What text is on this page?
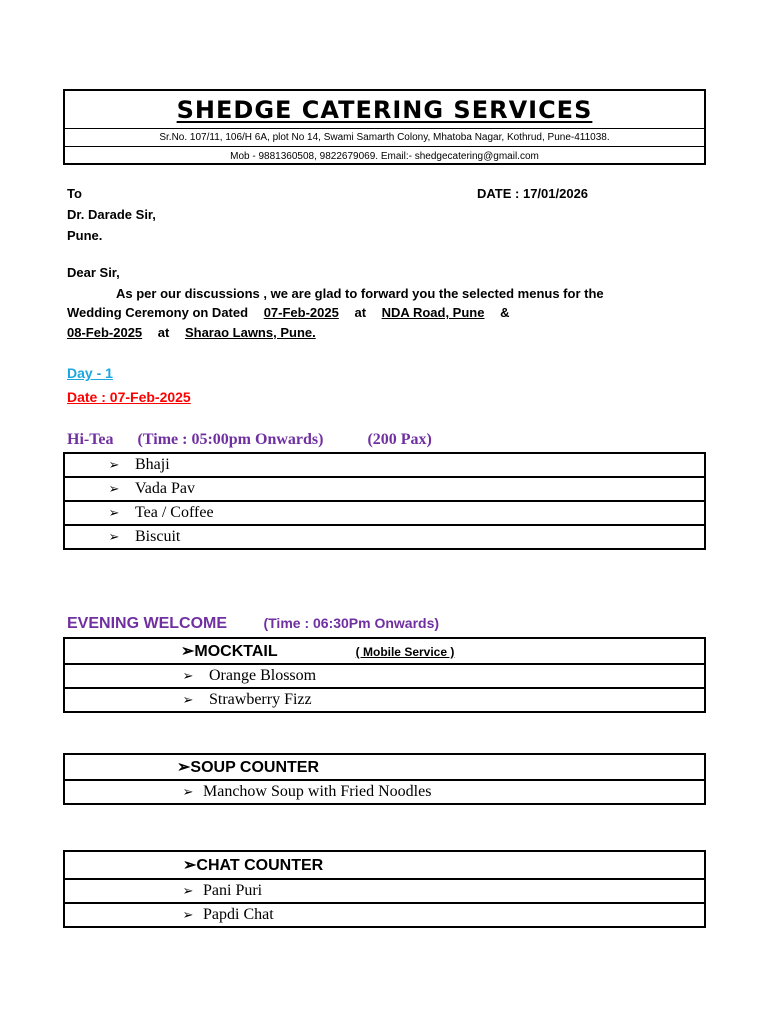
SHEDGE CATERING SERVICES
Sr.No. 107/11, 106/H 6A, plot No 14, Swami Samarth Colony, Mhatoba Nagar, Kothrud, Pune-411038.
Mob - 9881360508, 9822679069. Email:- shedgecatering@gmail.com
To	DATE : 17/01/2026
Dr. Darade Sir,
Pune.
Dear Sir,
As per our discussions , we are glad to forward you the selected menus for the
Wedding Ceremony on Dated 07-Feb-2025 at NDA Road, Pune &
08-Feb-2025 at Sharao Lawns, Pune.
Day - 1
Date : 07-Feb-2025
Hi-Tea (Time : 05:00pm Onwards)	(200 Pax)
➢ Bhaji
➢ Vada Pav
➢ Tea / Coffee
➢ Biscuit
EVENING WELCOME	(Time : 06:30Pm Onwards)
➢MOCKTAIL	( Mobile Service )
➢ Orange Blossom
➢ Strawberry Fizz
➢SOUP COUNTER
➢ Manchow Soup with Fried Noodles
➢CHAT COUNTER
➢ Pani Puri
➢ Papdi Chat
